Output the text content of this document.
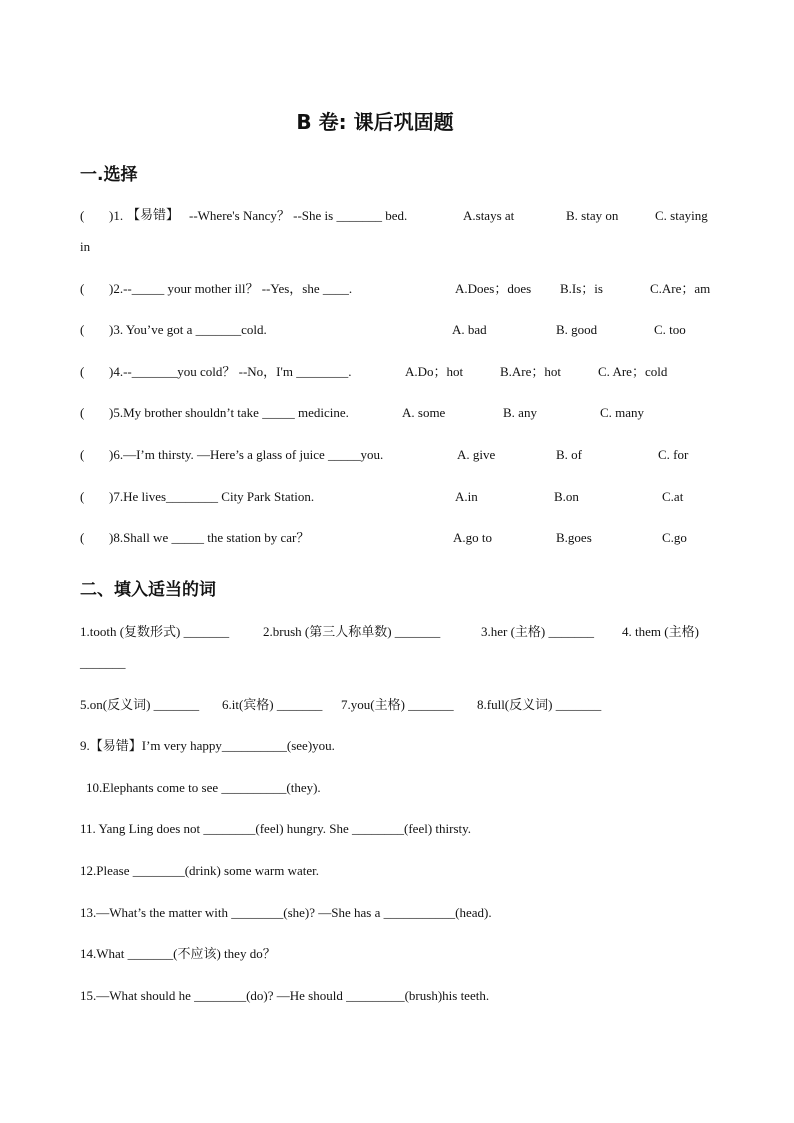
B 卷: 课后巩固题
一.选择
( )1. 【易错】 --Where's Nancy？ --She is _______ bed.	A.stays at	B. stay on	C. staying
in
( )2.--_____ your mother ill？ --Yes，she ____.	A.Does；does B.Is；is	C.Are；am
( )3. You’ve got a _______cold.	A. bad	B. good	C. too
( )4.--_______you cold？ --No，I'm ________.	A.Do；hot	B.Are；hot	C. Are；cold
( )5.My brother shouldn’t take _____ medicine.	A. some	B. any	C. many
( )6.—I’m thirsty. —Here’s a glass of juice _____you.	A. give	B. of	C. for
( )7.He lives________ City Park Station.	A.in	B.on	C.at
( )8.Shall we _____ the station by car？	A.go to	B.goes	C.go
二、填入适当的词
1.tooth (复数形式) _______	2.brush (第三人称单数) _______	3.her (主格) _______ 4. them (主格)
_______
5.on(反义词) _______ 6.it(宾格) _______ 7.you(主格) _______ 8.full(反义词) _______
9.【易错】I’m very happy__________(see)you.
10.Elephants come to see __________(they).
11. Yang Ling does not ________(feel) hungry. She ________(feel) thirsty.
12.Please ________(drink) some warm water.
13.—What’s the matter with ________(she)? —She has a ___________(head).
14.What _______(不应该) they do？
15.—What should he ________(do)? —He should _________(brush)his teeth.
